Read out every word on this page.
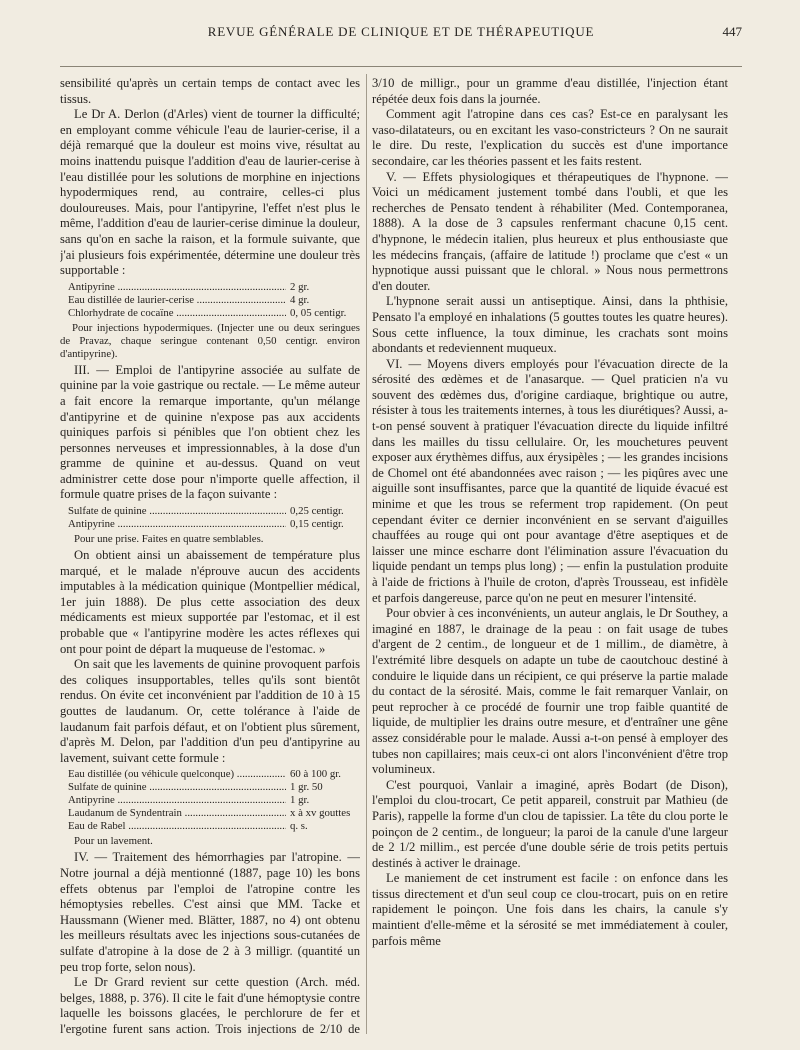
REVUE GÉNÉRALE DE CLINIQUE ET DE THÉRAPEUTIQUE	447

sensibilité qu'après un certain temps de contact avec les tissus.

Le Dr A. Derlon (d'Arles) vient de tourner la difficulté; en employant comme véhicule l'eau de laurier-cerise, il a déjà remarqué que la douleur est moins vive, résultat au moins inattendu puisque l'addition d'eau de laurier-cerise à l'eau distillée pour les solutions de morphine en injections hypodermiques rend, au contraire, celles-ci plus douloureuses. Mais, pour l'antipyrine, l'effet n'est plus le même, l'addition d'eau de laurier-cerise diminue la douleur, sans qu'on en sache la raison, et la formule suivante, que j'ai plusieurs fois expérimentée, détermine une douleur très supportable :

Antipyrine .....	2 gr.
Eau distillée de laurier-cerise .....	4 gr.
Chlorhydrate de cocaïne .....	0, 05 centigr.

Pour injections hypodermiques. (Injecter une ou deux seringues de Pravaz, chaque seringue contenant 0,50 centigr. environ d'antipyrine).

III. — Emploi de l'antipyrine associée au sulfate de quinine par la voie gastrique ou rectale. — Le même auteur a fait encore la remarque importante, qu'un mélange d'antipyrine et de quinine n'expose pas aux accidents quiniques parfois si pénibles que l'on obtient chez les personnes nerveuses et impressionnables, à la dose d'un gramme de quinine et au-dessus. Quand on veut administrer cette dose pour n'importe quelle affection, il formule quatre prises de la façon suivante :

Sulfate de quinine .....	0,25 centigr.
Antipyrine .....	0,15 centigr.

Pour une prise. Faites en quatre semblables.

On obtient ainsi un abaissement de température plus marqué, et le malade n'éprouve aucun des accidents imputables à la médication quinique (Montpellier médical, 1er juin 1888). De plus cette association des deux médicaments est mieux supportée par l'estomac, et il est probable que « l'antipyrine modère les actes réflexes qui ont pour point de départ la muqueuse de l'estomac. »

On sait que les lavements de quinine provoquent parfois des coliques insupportables, telles qu'ils sont bientôt rendus. On évite cet inconvénient par l'addition de 10 à 15 gouttes de laudanum. Or, cette tolérance à l'aide de laudanum fait parfois défaut, et on l'obtient plus sûrement, d'après M. Delon, par l'addition d'un peu d'antipyrine au lavement, suivant cette formule :

Eau distillée (ou véhicule quelconque) .....	60 à 100 gr.
Sulfate de quinine .....	1 gr. 50
Antipyrine .....	1 gr.
Laudanum de Syndentrain .....	x à xv gouttes
Eau de Rabel .....	q. s.

Pour un lavement.

IV. — Traitement des hémorrhagies par l'atropine. — Notre journal a déjà mentionné (1887, page 10) les bons effets obtenus par l'emploi de l'atropine contre les hémoptysies rebelles. C'est ainsi que MM. Tacke et Haussmann (Wiener med. Blätter, 1887, no 4) ont obtenu les meilleurs résultats avec les injections sous-cutanées de sulfate d'atropine à la dose de 2 à 3 milligr. (quantité un peu trop forte, selon nous).

Le Dr Grard revient sur cette question (Arch. méd. belges, 1888, p. 376). Il cite le fait d'une hémoptysie contre laquelle les boissons glacées, le perchlorure de fer et l'ergotine furent sans action. Trois injections de 2/10 de

3/10 de milligr., pour un gramme d'eau distillée, l'injection étant répétée deux fois dans la journée.

Comment agit l'atropine dans ces cas? Est-ce en paralysant les vaso-dilatateurs, ou en excitant les vaso-constricteurs ? On ne saurait le dire. Du reste, l'explication du succès est d'une importance secondaire, car les théories passent et les faits restent.

V. — Effets physiologiques et thérapeutiques de l'hypnone. — Voici un médicament justement tombé dans l'oubli, et que les recherches de Pensato tendent à réhabiliter (Med. Contemporanea, 1888). A la dose de 3 capsules renfermant chacune 0,15 cent. d'hypnone, le médecin italien, plus heureux et plus enthousiaste que les médecins français, (affaire de latitude !) proclame que c'est « un hypnotique aussi puissant que le chloral. » Nous nous permettrons d'en douter.

L'hypnone serait aussi un antiseptique. Ainsi, dans la phthisie, Pensato l'a employé en inhalations (5 gouttes toutes les quatre heures). Sous cette influence, la toux diminue, les crachats sont moins abondants et redeviennent muqueux.

VI. — Moyens divers employés pour l'évacuation directe de la sérosité des œdèmes et de l'anasarque. — Quel praticien n'a vu souvent des œdèmes dus, d'origine cardiaque, brightique ou autre, résister à tous les traitements internes, à tous les diurétiques? Aussi, a-t-on pensé souvent à pratiquer l'évacuation directe du liquide infiltré dans les mailles du tissu cellulaire. Or, les mouchetures peuvent exposer aux érythèmes diffus, aux érysipèles ; — les grandes incisions de Chomel ont été abandonnées avec raison ; — les piqûres avec une aiguille sont insuffisantes, parce que la quantité de liquide évacué est minime et que les trous se referment trop rapidement. (On peut cependant éviter ce dernier inconvénient en se servant d'aiguilles chauffées au rouge qui ont pour avantage d'être aseptiques et de laisser une mince escharre dont l'élimination assure l'évacuation du liquide pendant un temps plus long) ; — enfin la pustulation produite à l'aide de frictions à l'huile de croton, d'après Trousseau, est infidèle et parfois dangereuse, parce qu'on ne peut en mesurer l'intensité.

Pour obvier à ces inconvénients, un auteur anglais, le Dr Southey, a imaginé en 1887, le drainage de la peau : on fait usage de tubes d'argent de 2 centim., de longueur et de 1 millim., de diamètre, à l'extrémité libre desquels on adapte un tube de caoutchouc destiné à conduire le liquide dans un récipient, ce qui préserve la partie malade du contact de la sérosité. Mais, comme le fait remarquer Vanlair, on peut reprocher à ce procédé de fournir une trop faible quantité de liquide, de multiplier les drains outre mesure, et d'entraîner une gêne assez considérable pour le malade. Aussi a-t-on pensé à employer des tubes non capillaires; mais ceux-ci ont alors l'inconvénient d'être trop volumineux.

C'est pourquoi, Vanlair a imaginé, après Bodart (de Dison), l'emploi du clou-trocart, Ce petit appareil, construit par Mathieu (de Paris), rappelle la forme d'un clou de tapissier. La tête du clou porte le poinçon de 2 centim., de longueur; la paroi de la canule d'une largeur de 2 1/2 millim., est percée d'une double série de trois petits pertuis destinés à activer le drainage.

Le maniement de cet instrument est facile : on enfonce dans les tissus directement et d'un seul coup ce clou-trocart, puis on en retire rapidement le poinçon. Une fois dans les chairs, la canule s'y maintient d'elle-même et la sérosité se met immédiatement à couler, parfois même
